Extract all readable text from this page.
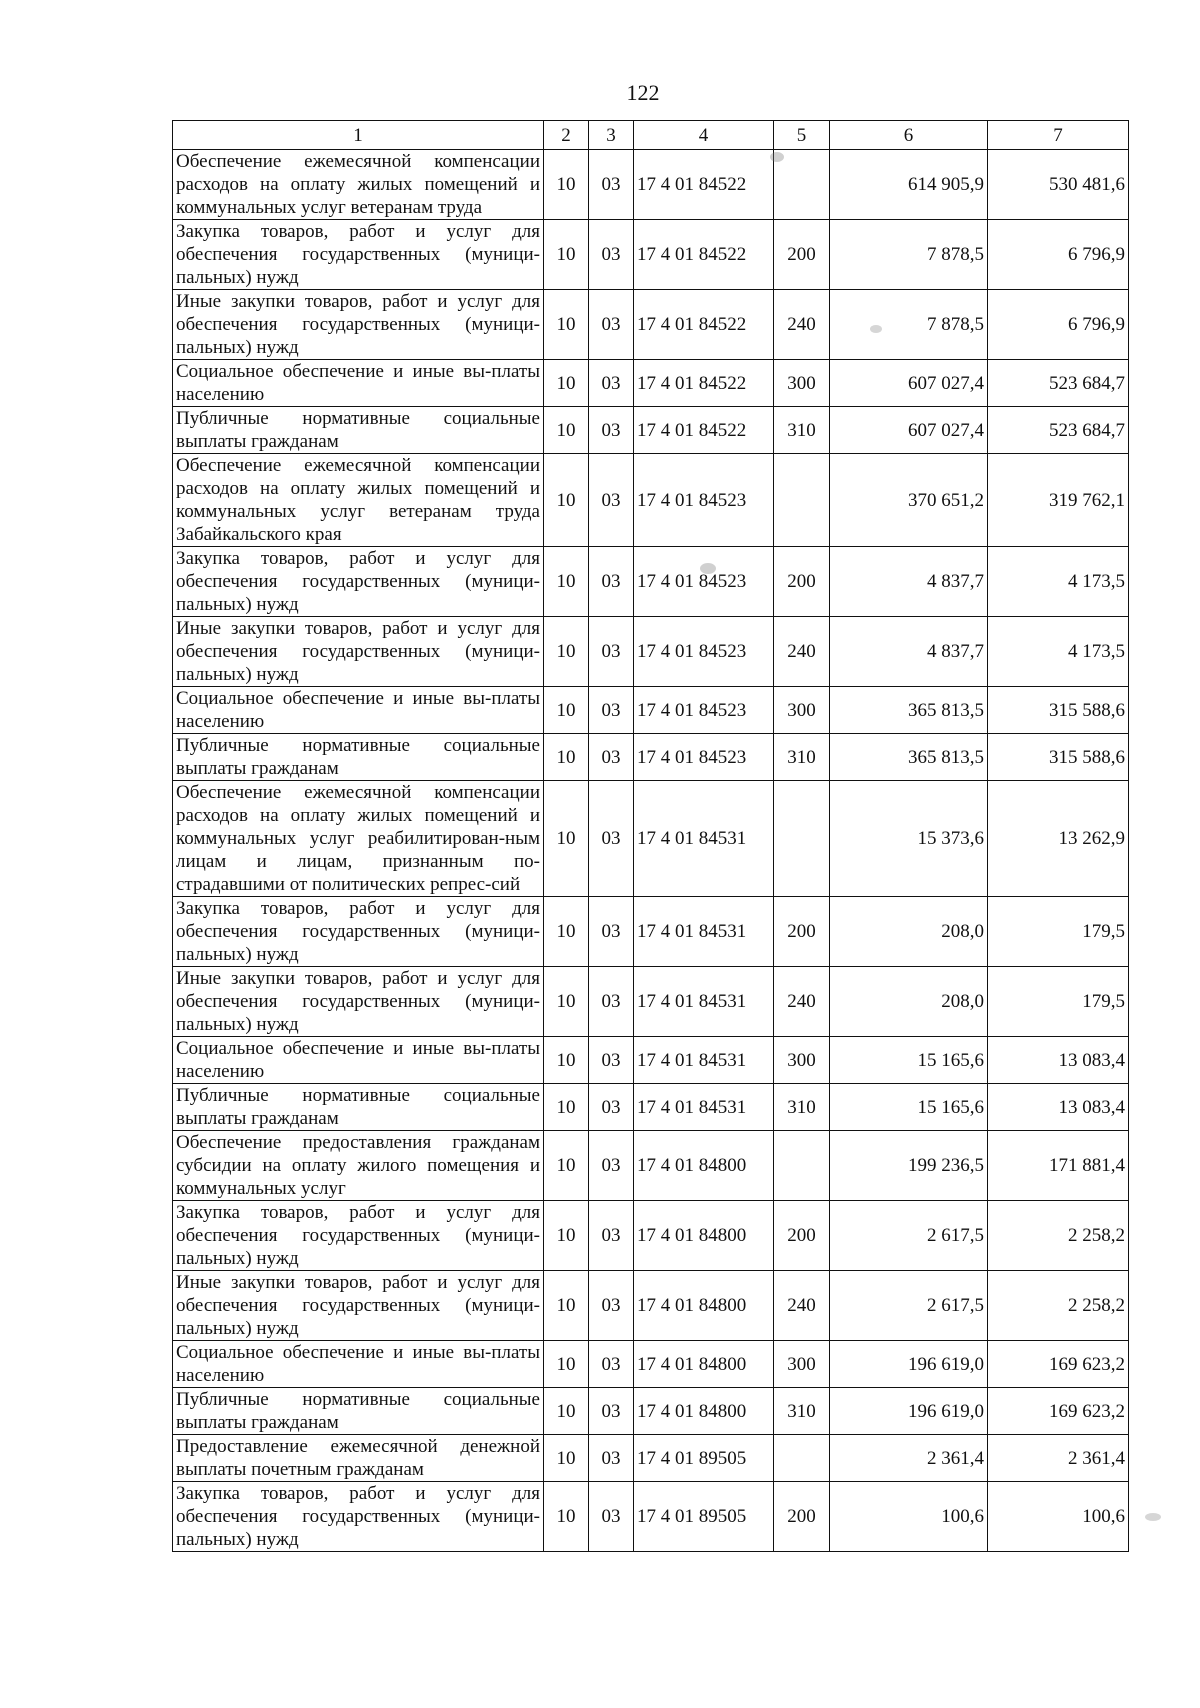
122
1	2	3	4	5	6	7
Обеспечение ежемесячной компенсации расходов на оплату жилых помещений и коммунальных услуг ветеранам труда	10	03	17 4 01 84522		614 905,9	530 481,6
Закупка товаров, работ и услуг для обеспечения государственных (муници-пальных) нужд	10	03	17 4 01 84522	200	7 878,5	6 796,9
Иные закупки товаров, работ и услуг для обеспечения государственных (муници-пальных) нужд	10	03	17 4 01 84522	240	7 878,5	6 796,9
Социальное обеспечение и иные вы-платы населению	10	03	17 4 01 84522	300	607 027,4	523 684,7
Публичные нормативные социальные выплаты гражданам	10	03	17 4 01 84522	310	607 027,4	523 684,7
Обеспечение ежемесячной компенсации расходов на оплату жилых помещений и коммунальных услуг ветеранам труда Забайкальского края	10	03	17 4 01 84523		370 651,2	319 762,1
Закупка товаров, работ и услуг для обеспечения государственных (муници-пальных) нужд	10	03	17 4 01 84523	200	4 837,7	4 173,5
Иные закупки товаров, работ и услуг для обеспечения государственных (муници-пальных) нужд	10	03	17 4 01 84523	240	4 837,7	4 173,5
Социальное обеспечение и иные вы-платы населению	10	03	17 4 01 84523	300	365 813,5	315 588,6
Публичные нормативные социальные выплаты гражданам	10	03	17 4 01 84523	310	365 813,5	315 588,6
Обеспечение ежемесячной компенсации расходов на оплату жилых помещений и коммунальных услуг реабилитирован-ным лицам и лицам, признанным по-страдавшими от политических репрес-сий	10	03	17 4 01 84531		15 373,6	13 262,9
Закупка товаров, работ и услуг для обеспечения государственных (муници-пальных) нужд	10	03	17 4 01 84531	200	208,0	179,5
Иные закупки товаров, работ и услуг для обеспечения государственных (муници-пальных) нужд	10	03	17 4 01 84531	240	208,0	179,5
Социальное обеспечение и иные вы-платы населению	10	03	17 4 01 84531	300	15 165,6	13 083,4
Публичные нормативные социальные выплаты гражданам	10	03	17 4 01 84531	310	15 165,6	13 083,4
Обеспечение предоставления гражданам субсидии на оплату жилого помещения и коммунальных услуг	10	03	17 4 01 84800		199 236,5	171 881,4
Закупка товаров, работ и услуг для обеспечения государственных (муници-пальных) нужд	10	03	17 4 01 84800	200	2 617,5	2 258,2
Иные закупки товаров, работ и услуг для обеспечения государственных (муници-пальных) нужд	10	03	17 4 01 84800	240	2 617,5	2 258,2
Социальное обеспечение и иные вы-платы населению	10	03	17 4 01 84800	300	196 619,0	169 623,2
Публичные нормативные социальные выплаты гражданам	10	03	17 4 01 84800	310	196 619,0	169 623,2
Предоставление ежемесячной денежной выплаты почетным гражданам	10	03	17 4 01 89505		2 361,4	2 361,4
Закупка товаров, работ и услуг для обеспечения государственных (муници-пальных) нужд	10	03	17 4 01 89505	200	100,6	100,6
